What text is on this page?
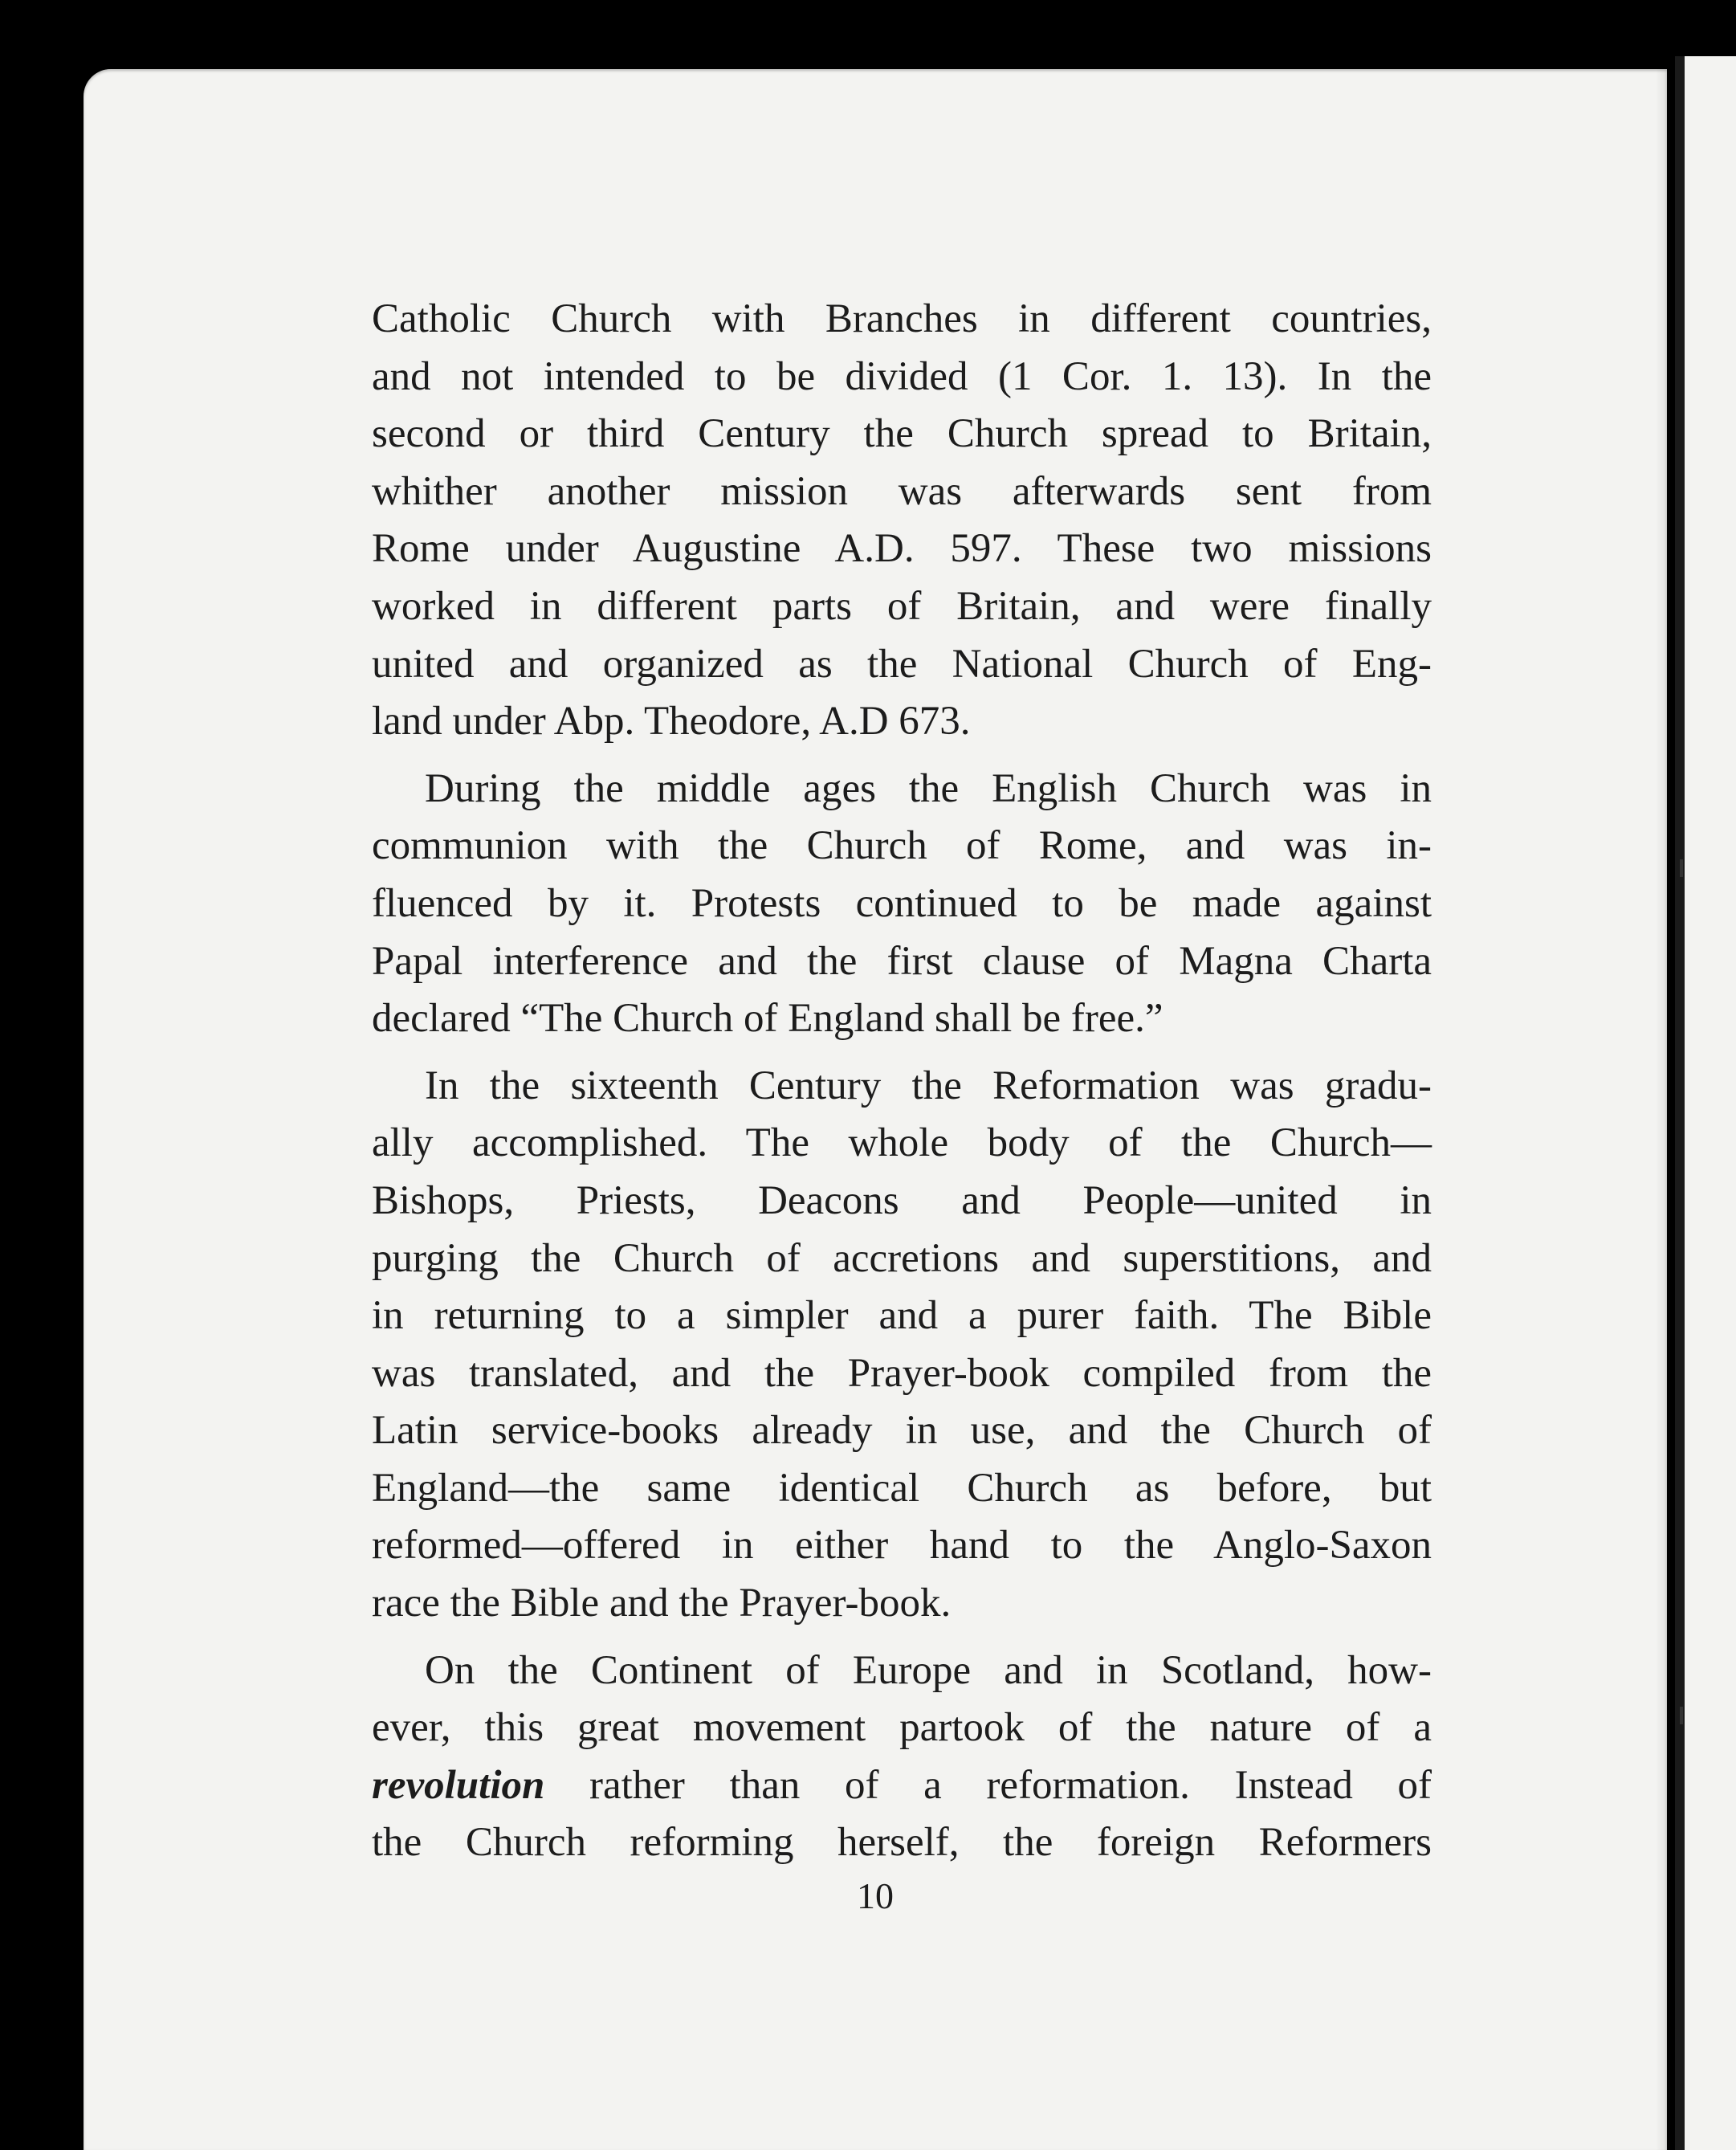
Catholic Church with Branches in different countries,

and not intended to be divided (1 Cor. 1. 13). In the

second or third Century the Church spread to Britain,

whither another mission was afterwards sent from

Rome under Augustine A.D. 597. These two missions

worked in different parts of Britain, and were finally

united and organized as the National Church of Eng-

land under Abp. Theodore, A.D 673.

During the middle ages the English Church was in

communion with the Church of Rome, and was in-

fluenced by it. Protests continued to be made against

Papal interference and the first clause of Magna Charta

declared “The Church of England shall be free.”

In the sixteenth Century the Reformation was gradu-

ally accomplished. The whole body of the Church—

Bishops, Priests, Deacons and People—united in

purging the Church of accretions and superstitions, and

in returning to a simpler and a purer faith. The Bible

was translated, and the Prayer-book compiled from the

Latin service-books already in use, and the Church of

England—the same identical Church as before, but

reformed—offered in either hand to the Anglo-Saxon

race the Bible and the Prayer-book.

On the Continent of Europe and in Scotland, how-

ever, this great movement partook of the nature of a

revolution rather than of a reformation. Instead of

the Church reforming herself, the foreign Reformers

10
